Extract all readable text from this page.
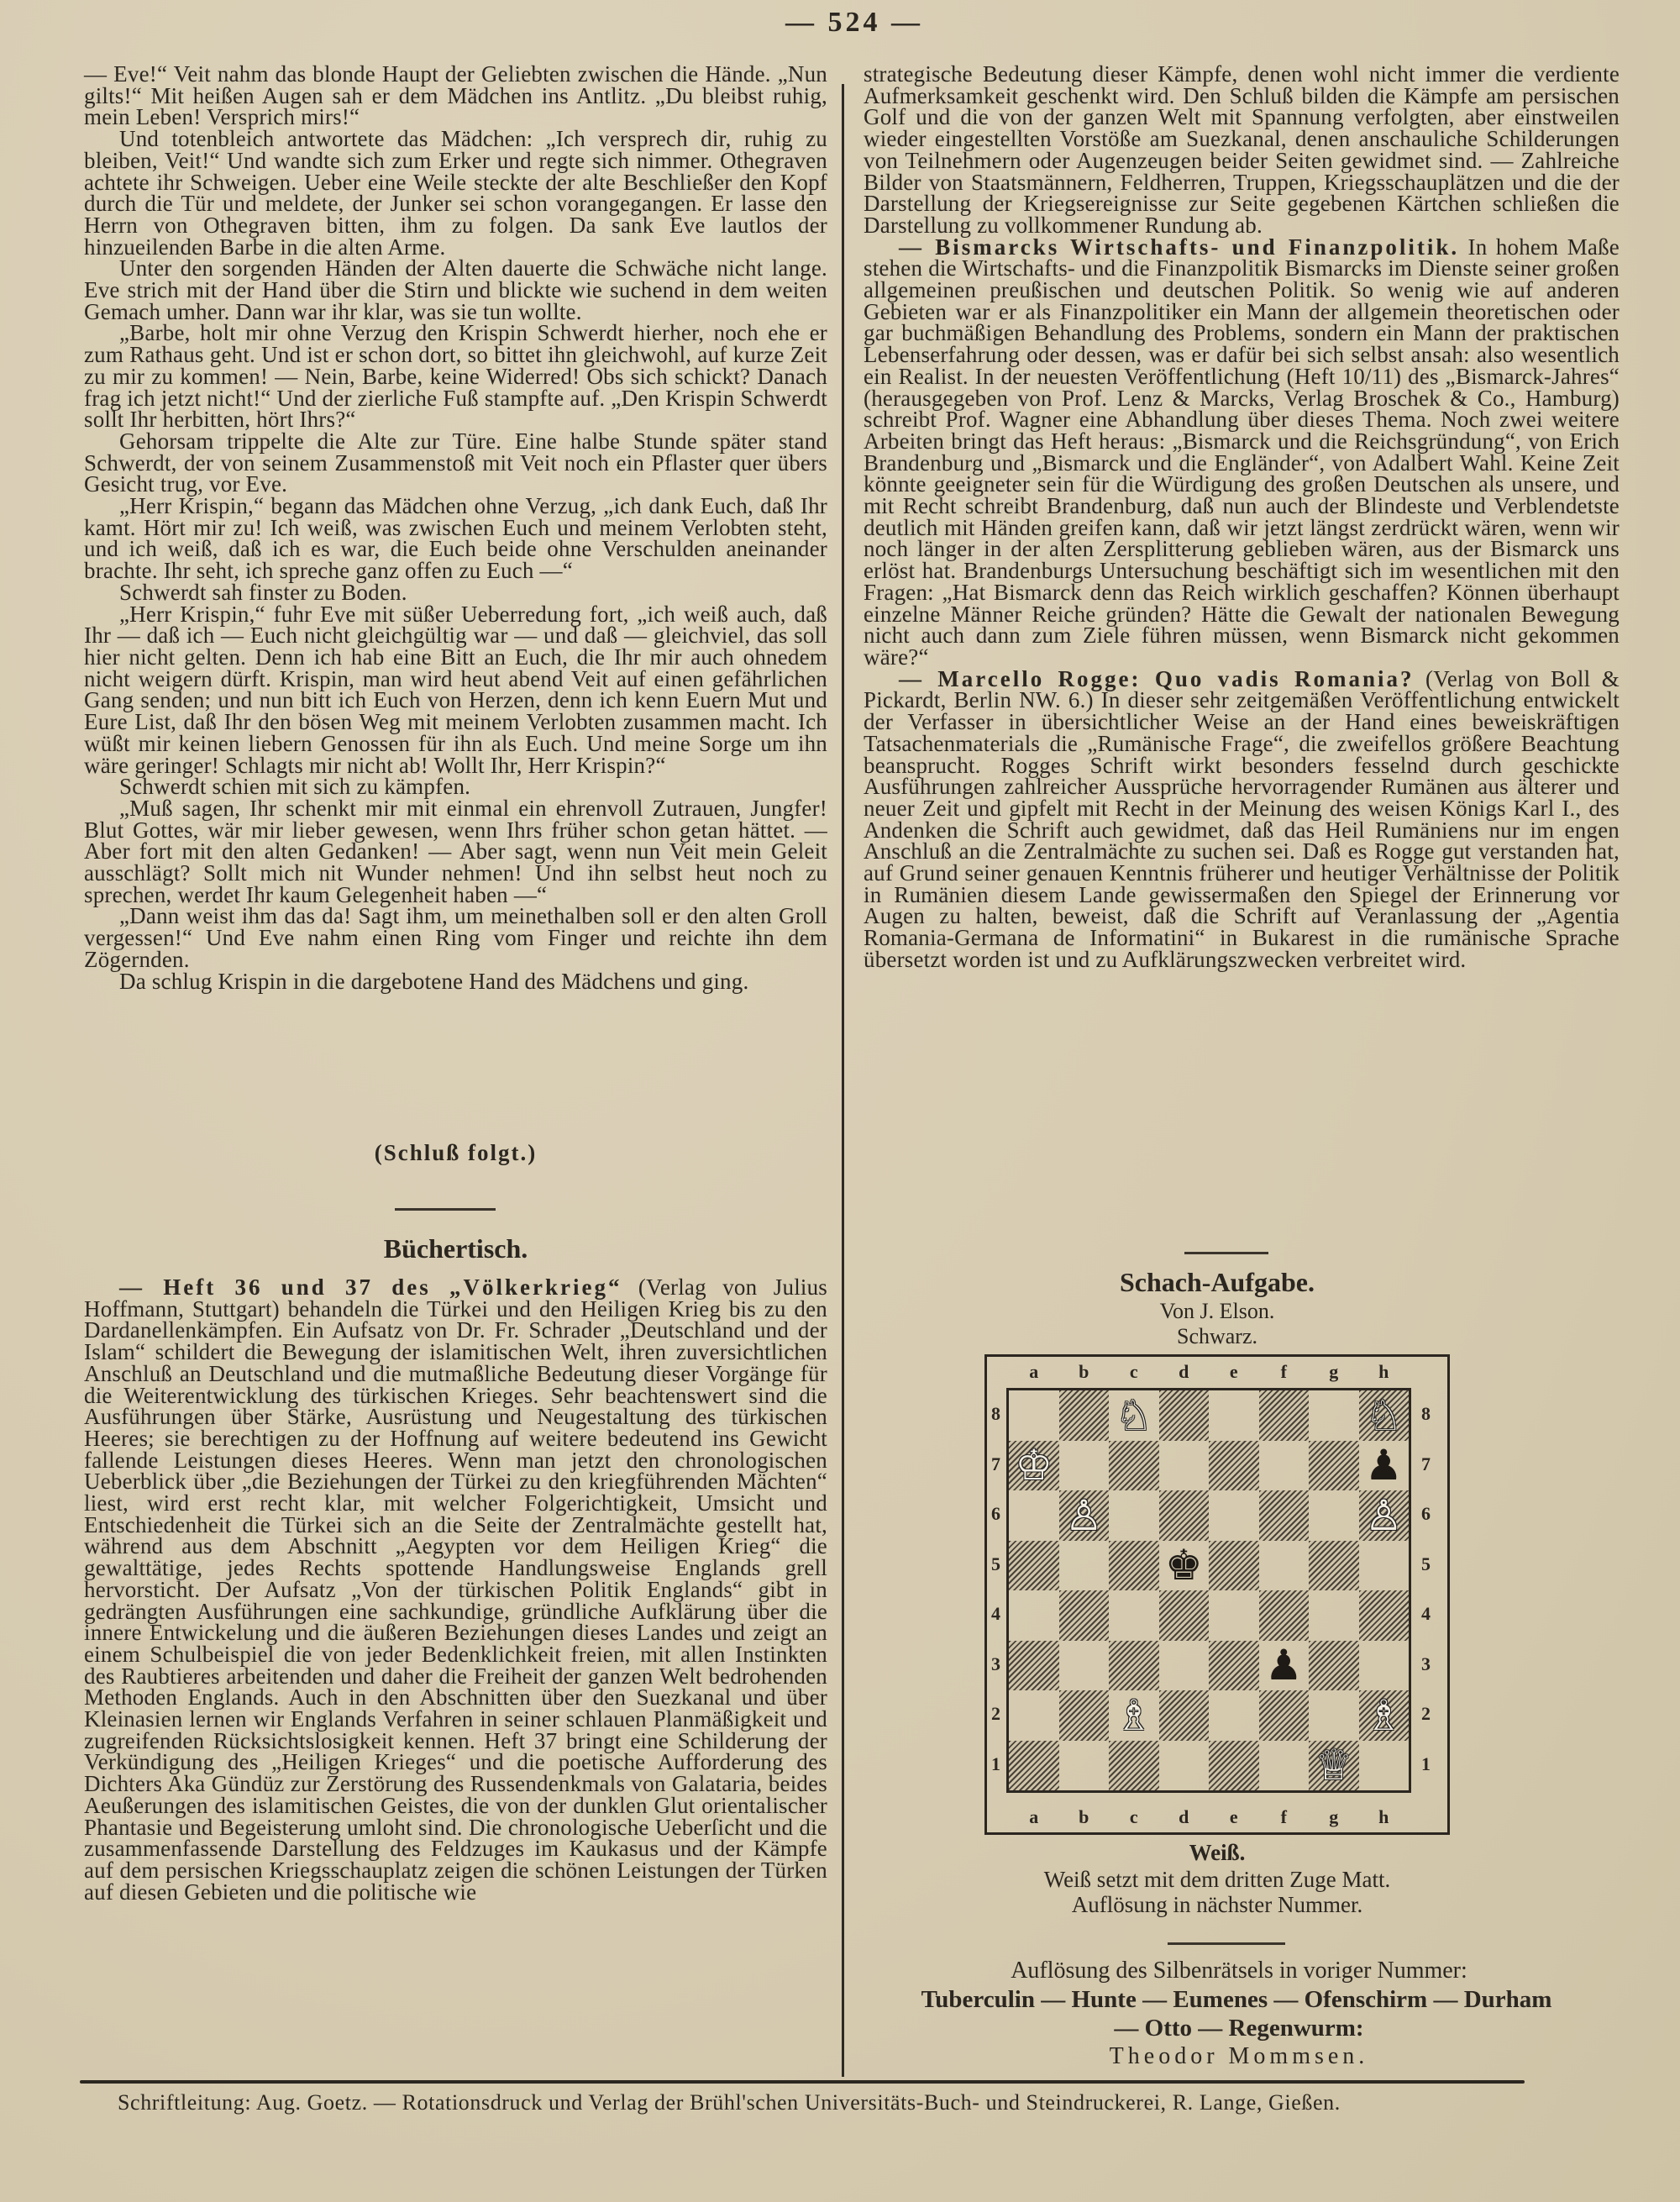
— 524 —

— Eve!“ Veit nahm das blonde Haupt der Geliebten zwischen die Hände. „Nun gilts!“ Mit heißen Augen sah er dem Mädchen ins Antlitz. „Du bleibst ruhig, mein Leben! Versprich mirs!“

Und totenbleich antwortete das Mädchen: „Ich versprech dir, ruhig zu bleiben, Veit!“ Und wandte sich zum Erker und regte sich nimmer. Othegraven achtete ihr Schweigen. Ueber eine Weile steckte der alte Beschließer den Kopf durch die Tür und meldete, der Junker sei schon vorangegangen. Er lasse den Herrn von Othegraven bitten, ihm zu folgen. Da sank Eve lautlos der hinzueilenden Barbe in die alten Arme.

Unter den sorgenden Händen der Alten dauerte die Schwäche nicht lange. Eve strich mit der Hand über die Stirn und blickte wie suchend in dem weiten Gemach umher. Dann war ihr klar, was sie tun wollte.

„Barbe, holt mir ohne Verzug den Krispin Schwerdt hierher, noch ehe er zum Rathaus geht. Und ist er schon dort, so bittet ihn gleichwohl, auf kurze Zeit zu mir zu kommen! — Nein, Barbe, keine Widerred! Obs sich schickt? Danach frag ich jetzt nicht!“ Und der zierliche Fuß stampfte auf. „Den Krispin Schwerdt sollt Ihr herbitten, hört Ihrs?“

Gehorsam trippelte die Alte zur Türe. Eine halbe Stunde später stand Schwerdt, der von seinem Zusammenstoß mit Veit noch ein Pflaster quer übers Gesicht trug, vor Eve.

„Herr Krispin,“ begann das Mädchen ohne Verzug, „ich dank Euch, daß Ihr kamt. Hört mir zu! Ich weiß, was zwischen Euch und meinem Verlobten steht, und ich weiß, daß ich es war, die Euch beide ohne Verschulden aneinander brachte. Ihr seht, ich spreche ganz offen zu Euch —“

Schwerdt sah finster zu Boden.

„Herr Krispin,“ fuhr Eve mit süßer Ueberredung fort, „ich weiß auch, daß Ihr — daß ich — Euch nicht gleichgültig war — und daß — gleichviel, das soll hier nicht gelten. Denn ich hab eine Bitt an Euch, die Ihr mir auch ohnedem nicht weigern dürft. Krispin, man wird heut abend Veit auf einen gefährlichen Gang senden; und nun bitt ich Euch von Herzen, denn ich kenn Euern Mut und Eure List, daß Ihr den bösen Weg mit meinem Verlobten zusammen macht. Ich wüßt mir keinen liebern Genossen für ihn als Euch. Und meine Sorge um ihn wäre geringer! Schlagts mir nicht ab! Wollt Ihr, Herr Krispin?“

Schwerdt schien mit sich zu kämpfen.

„Muß sagen, Ihr schenkt mir mit einmal ein ehrenvoll Zutrauen, Jungfer! Blut Gottes, wär mir lieber gewesen, wenn Ihrs früher schon getan hättet. — Aber fort mit den alten Gedanken! — Aber sagt, wenn nun Veit mein Geleit ausschlägt? Sollt mich nit Wunder nehmen! Und ihn selbst heut noch zu sprechen, werdet Ihr kaum Gelegenheit haben —“

„Dann weist ihm das da! Sagt ihm, um meinethalben soll er den alten Groll vergessen!“ Und Eve nahm einen Ring vom Finger und reichte ihn dem Zögernden.

Da schlug Krispin in die dargebotene Hand des Mädchens und ging.

(Schluß folgt.)
Büchertisch.

— Heft 36 und 37 des „Völkerkrieg“ (Verlag von Julius Hoffmann, Stuttgart) behandeln die Türkei und den Heiligen Krieg bis zu den Dardanellenkämpfen. Ein Aufsatz von Dr. Fr. Schrader „Deutschland und der Islam“ schildert die Bewegung der islamitischen Welt, ihren zuversichtlichen Anschluß an Deutschland und die mutmaßliche Bedeutung dieser Vorgänge für die Weiterentwicklung des türkischen Krieges. Sehr beachtenswert sind die Ausführungen über Stärke, Ausrüstung und Neugestaltung des türkischen Heeres; sie berechtigen zu der Hoffnung auf weitere bedeutend ins Gewicht fallende Leistungen dieses Heeres. Wenn man jetzt den chronologischen Ueberblick über „die Beziehungen der Türkei zu den kriegführenden Mächten“ liest, wird erst recht klar, mit welcher Folgerichtigkeit, Umsicht und Entschiedenheit die Türkei sich an die Seite der Zentralmächte gestellt hat, während aus dem Abschnitt „Aegypten vor dem Heiligen Krieg“ die gewalttätige, jedes Rechts spottende Handlungsweise Englands grell hervorsticht. Der Aufsatz „Von der türkischen Politik Englands“ gibt in gedrängten Ausführungen eine sachkundige, gründliche Aufklärung über die innere Entwickelung und die äußeren Beziehungen dieses Landes und zeigt an einem Schulbeispiel die von jeder Bedenklichkeit freien, mit allen Instinkten des Raubtieres arbeitenden und daher die Freiheit der ganzen Welt bedrohenden Methoden Englands. Auch in den Abschnitten über den Suezkanal und über Kleinasien lernen wir Englands Verfahren in seiner schlauen Planmäßigkeit und zugreifenden Rücksichtslosigkeit kennen. Heft 37 bringt eine Schilderung der Verkündigung des „Heiligen Krieges“ und die poetische Aufforderung des Dichters Aka Gündüz zur Zerstörung des Russendenkmals von Galataria, beides Aeußerungen des islamitischen Geistes, die von der dunklen Glut orientalischer Phantasie und Begeisterung umloht sind. Die chronologische Ueberſicht und die zusammenfassende Darstellung des Feldzuges im Kaukasus und der Kämpfe auf dem persischen Kriegsschauplatz zeigen die schönen Leistungen der Türken auf diesen Gebieten und die politische wie

strategische Bedeutung dieser Kämpfe, denen wohl nicht immer die verdiente Aufmerksamkeit geschenkt wird. Den Schluß bilden die Kämpfe am persischen Golf und die von der ganzen Welt mit Spannung verfolgten, aber einstweilen wieder eingestellten Vorstöße am Suezkanal, denen anschauliche Schilderungen von Teilnehmern oder Augenzeugen beider Seiten gewidmet sind. — Zahlreiche Bilder von Staatsmännern, Feldherren, Truppen, Kriegsschauplätzen und die der Darstellung der Kriegsereignisse zur Seite gegebenen Kärtchen schließen die Darstellung zu vollkommener Rundung ab.

— Bismarcks Wirtschafts- und Finanzpolitik. In hohem Maße stehen die Wirtschafts- und die Finanzpolitik Bismarcks im Dienste seiner großen allgemeinen preußischen und deutschen Politik. So wenig wie auf anderen Gebieten war er als Finanzpolitiker ein Mann der allgemein theoretischen oder gar buchmäßigen Behandlung des Problems, sondern ein Mann der praktischen Lebenserfahrung oder dessen, was er dafür bei sich selbst ansah: also wesentlich ein Realist. In der neuesten Veröffentlichung (Heft 10/11) des „Bismarck-Jahres“ (herausgegeben von Prof. Lenz & Marcks, Verlag Broschek & Co., Hamburg) schreibt Prof. Wagner eine Abhandlung über dieses Thema. Noch zwei weitere Arbeiten bringt das Heft heraus: „Bismarck und die Reichsgründung“, von Erich Brandenburg und „Bismarck und die Engländer“, von Adalbert Wahl. Keine Zeit könnte geeigneter sein für die Würdigung des großen Deutschen als unsere, und mit Recht schreibt Brandenburg, daß nun auch der Blindeste und Verblendetste deutlich mit Händen greifen kann, daß wir jetzt längst zerdrückt wären, wenn wir noch länger in der alten Zersplitterung geblieben wären, aus der Bismarck uns erlöst hat. Brandenburgs Untersuchung beschäftigt sich im wesentlichen mit den Fragen: „Hat Bismarck denn das Reich wirklich geschaffen? Können überhaupt einzelne Männer Reiche gründen? Hätte die Gewalt der nationalen Bewegung nicht auch dann zum Ziele führen müssen, wenn Bismarck nicht gekommen wäre?“

— Marcello Rogge: Quo vadis Romania? (Verlag von Boll & Pickardt, Berlin NW. 6.) In dieser sehr zeitgemäßen Veröffentlichung entwickelt der Verfasser in übersichtlicher Weise an der Hand eines beweiskräftigen Tatsachenmaterials die „Rumänische Frage“, die zweifellos größere Beachtung beansprucht. Rogges Schrift wirkt besonders fesselnd durch geschickte Ausführungen zahlreicher Aussprüche hervorragender Rumänen aus älterer und neuer Zeit und gipfelt mit Recht in der Meinung des weisen Königs Karl I., des Andenken die Schrift auch gewidmet, daß das Heil Rumäniens nur im engen Anschluß an die Zentralmächte zu suchen sei. Daß es Rogge gut verstanden hat, auf Grund seiner genauen Kenntnis früherer und heutiger Verhältnisse der Politik in Rumänien diesem Lande gewissermaßen den Spiegel der Erinnerung vor Augen zu halten, beweist, daß die Schrift auf Veranlassung der „Agentia Romania-Germana de Informatini“ in Bukarest in die rumänische Sprache übersetzt worden ist und zu Aufklärungszwecken verbreitet wird.

Schach-Aufgabe.
Von J. Elson.
Schwarz.
a
a
b
b
c
c
d
d
e
e
f
f
g
g
h
h
8	8
7	7
6	6
5	5
4	4
3	3
2	2
1	1
♘	♘
♔	♟
♙	♙
♚
♟
♗	♗
♕
Weiß.
Weiß setzt mit dem dritten Zuge Matt.
Auflösung in nächster Nummer.
Auflösung des Silbenrätsels in voriger Nummer:
Tuberculin — Hunte — Eumenes — Ofenschirm — Durham
— Otto — Regenwurm:
Theodor Mommsen.
Schriftleitung: Aug. Goetz. — Rotationsdruck und Verlag der Brühl'schen Universitäts-Buch- und Steindruckerei, R. Lange, Gießen.
